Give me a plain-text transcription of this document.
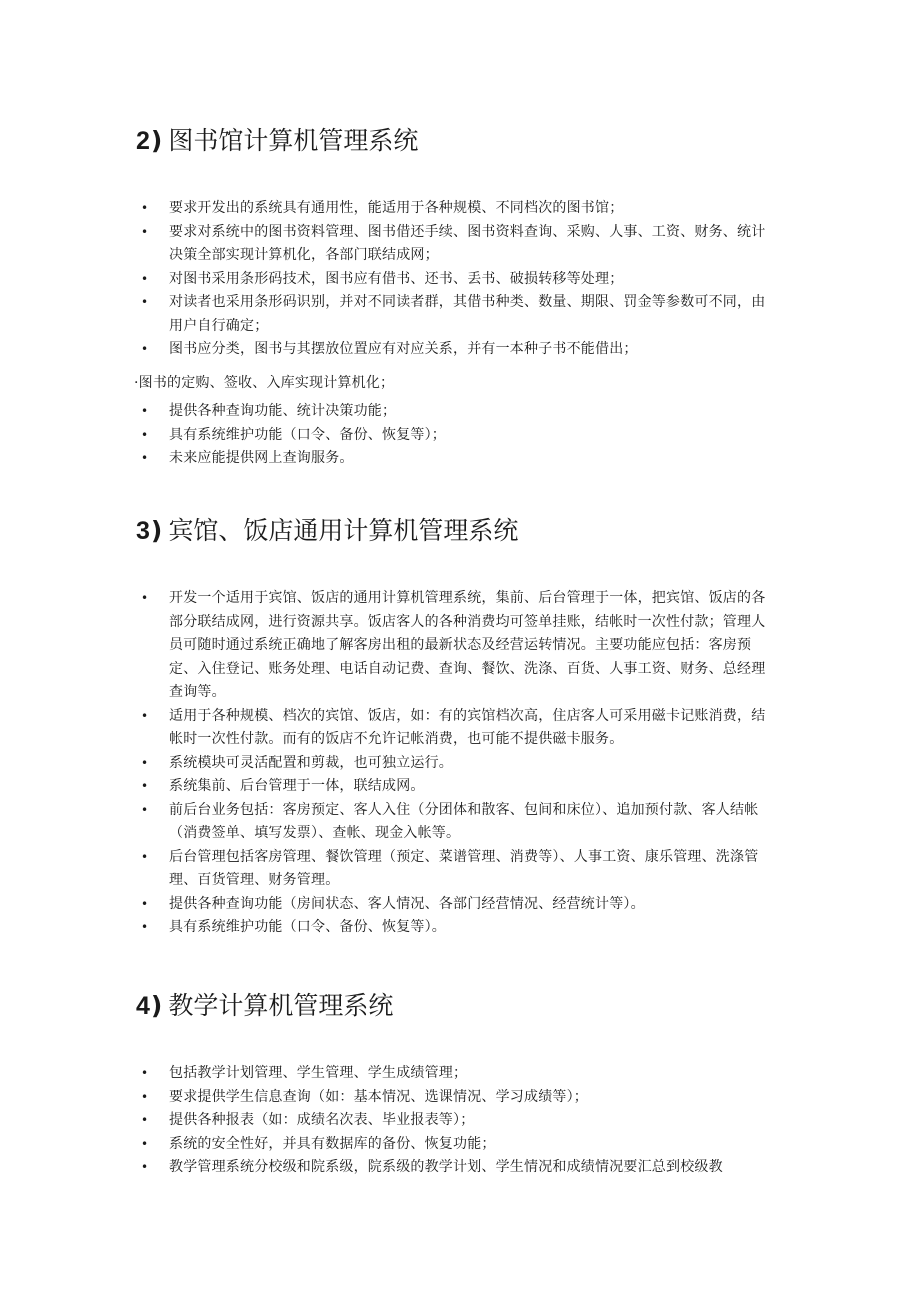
2) 图书馆计算机管理系统
• 要求开发出的系统具有通用性，能适用于各种规模、不同档次的图书馆；
• 要求对系统中的图书资料管理、图书借还手续、图书资料查询、采购、人事、工资、财务、统计决策全部实现计算机化，各部门联结成网；
• 对图书采用条形码技术，图书应有借书、还书、丢书、破损转移等处理；
• 对读者也采用条形码识别，并对不同读者群，其借书种类、数量、期限、罚金等参数可不同，由用户自行确定；
• 图书应分类，图书与其摆放位置应有对应关系，并有一本种子书不能借出；
·图书的定购、签收、入库实现计算机化；
• 提供各种查询功能、统计决策功能；
• 具有系统维护功能（口令、备份、恢复等）；
• 未来应能提供网上查询服务。
3) 宾馆、饭店通用计算机管理系统
• 开发一个适用于宾馆、饭店的通用计算机管理系统，集前、后台管理于一体，把宾馆、饭店的各部分联结成网，进行资源共享。饭店客人的各种消费均可签单挂账，结帐时一次性付款；管理人员可随时通过系统正确地了解客房出租的最新状态及经营运转情况。主要功能应包括：客房预定、入住登记、账务处理、电话自动记费、查询、餐饮、洗涤、百货、人事工资、财务、总经理查询等。
• 适用于各种规模、档次的宾馆、饭店，如：有的宾馆档次高，住店客人可采用磁卡记账消费，结帐时一次性付款。而有的饭店不允许记帐消费，也可能不提供磁卡服务。
• 系统模块可灵活配置和剪裁，也可独立运行。
• 系统集前、后台管理于一体，联结成网。
• 前后台业务包括：客房预定、客人入住（分团体和散客、包间和床位）、追加预付款、客人结帐（消费签单、填写发票）、查帐、现金入帐等。
• 后台管理包括客房管理、餐饮管理（预定、菜谱管理、消费等）、人事工资、康乐管理、洗涤管理、百货管理、财务管理。
• 提供各种查询功能（房间状态、客人情况、各部门经营情况、经营统计等）。
• 具有系统维护功能（口令、备份、恢复等）。
4) 教学计算机管理系统
• 包括教学计划管理、学生管理、学生成绩管理；
• 要求提供学生信息查询（如：基本情况、选课情况、学习成绩等）；
• 提供各种报表（如：成绩名次表、毕业报表等）；
• 系统的安全性好，并具有数据库的备份、恢复功能；
• 教学管理系统分校级和院系级，院系级的教学计划、学生情况和成绩情况要汇总到校级教
